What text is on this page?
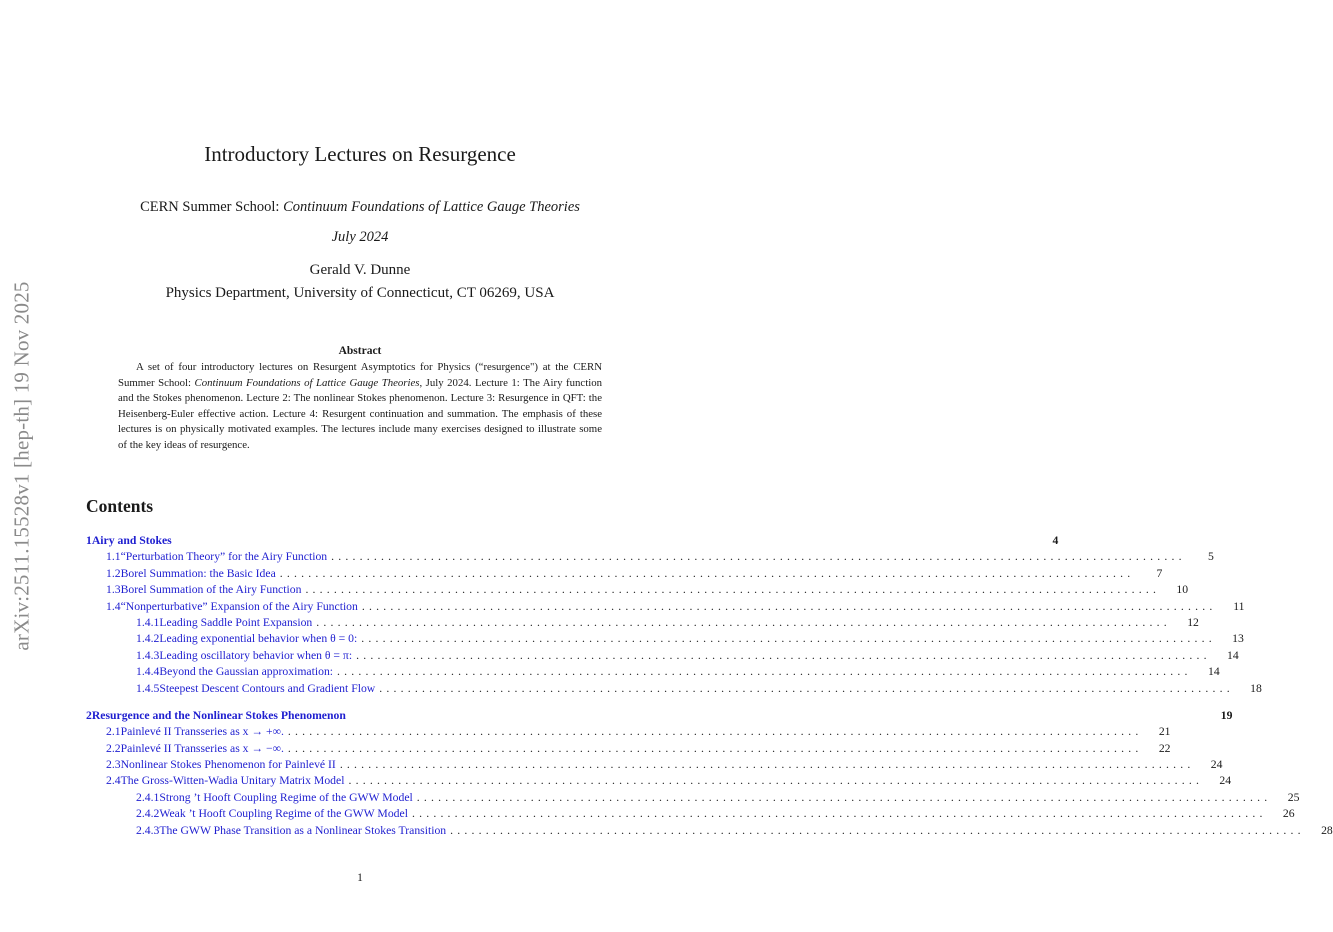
arXiv:2511.15528v1 [hep-th] 19 Nov 2025
Introductory Lectures on Resurgence
CERN Summer School: Continuum Foundations of Lattice Gauge Theories
July 2024
Gerald V. Dunne
Physics Department, University of Connecticut, CT 06269, USA
Abstract
A set of four introductory lectures on Resurgent Asymptotics for Physics (“resurgence") at the CERN Summer School: Continuum Foundations of Lattice Gauge Theories, July 2024. Lecture 1: The Airy function and the Stokes phenomenon. Lecture 2: The nonlinear Stokes phenomenon. Lecture 3: Resurgence in QFT: the Heisenberg-Euler effective action. Lecture 4: Resurgent continuation and summation. The emphasis of these lectures is on physically motivated examples. The lectures include many exercises designed to illustrate some of the key ideas of resurgence.
Contents
1 Airy and Stokes	4
1.1 “Perturbation Theory” for the Airy Function ........................................................................................................................	5
1.2 Borel Summation: the Basic Idea ........................................................................................................................	7
1.3 Borel Summation of the Airy Function ........................................................................................................................	10
1.4 “Nonperturbative” Expansion of the Airy Function ........................................................................................................................	11
1.4.1 Leading Saddle Point Expansion ........................................................................................................................	12
1.4.2 Leading exponential behavior when θ = 0: ........................................................................................................................	13
1.4.3 Leading oscillatory behavior when θ = π: ........................................................................................................................	14
1.4.4 Beyond the Gaussian approximation: ........................................................................................................................	14
1.4.5 Steepest Descent Contours and Gradient Flow ........................................................................................................................	18
2 Resurgence and the Nonlinear Stokes Phenomenon	19
2.1 Painlevé II Transseries as x → +∞. ........................................................................................................................	21
2.2 Painlevé II Transseries as x → −∞. ........................................................................................................................	22
2.3 Nonlinear Stokes Phenomenon for Painlevé II ........................................................................................................................	24
2.4 The Gross-Witten-Wadia Unitary Matrix Model ........................................................................................................................	24
2.4.1 Strong ’t Hooft Coupling Regime of the GWW Model ........................................................................................................................	25
2.4.2 Weak ’t Hooft Coupling Regime of the GWW Model ........................................................................................................................	26
2.4.3 The GWW Phase Transition as a Nonlinear Stokes Transition ........................................................................................................................	28
1
